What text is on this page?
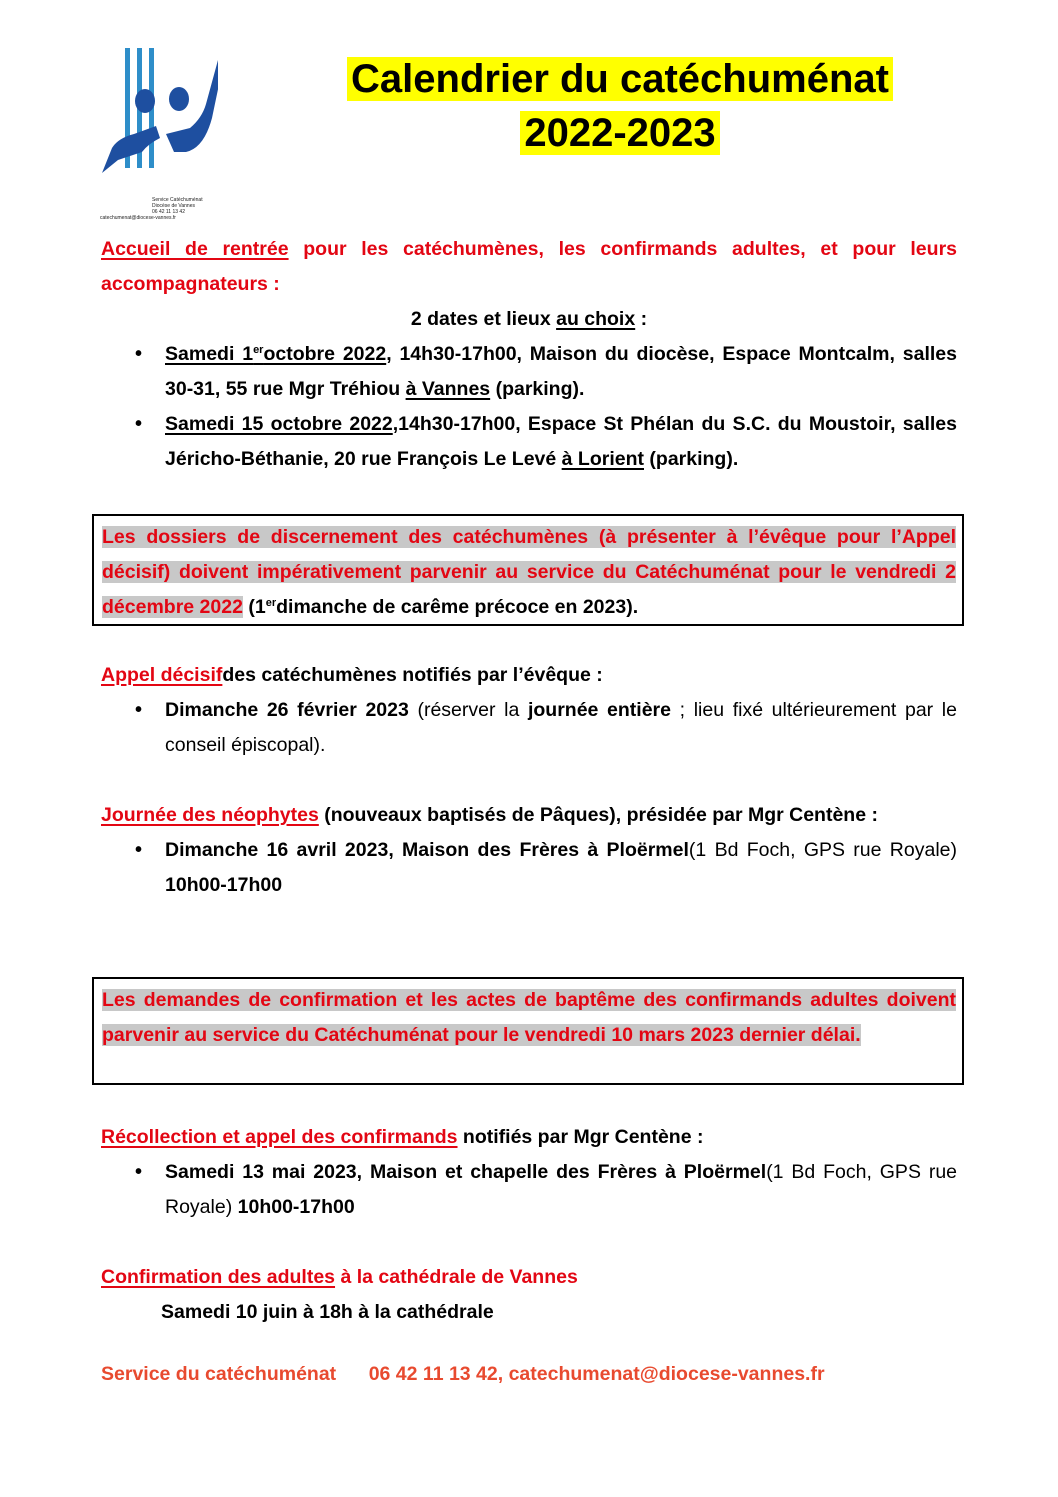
Service Catéchuménat
Diocèse de Vannes
06 42 11 13 42
catechumenat@diocese-vannes.fr
Calendrier du catéchuménat
2022-2023
Accueil de rentrée pour les catéchumènes, les confirmands adultes, et pour leurs accompagnateurs :
2 dates et lieux au choix :
• Samedi 1eroctobre 2022, 14h30-17h00, Maison du diocèse, Espace Montcalm, salles 30-31, 55 rue Mgr Tréhiou à Vannes (parking).
• Samedi 15 octobre 2022,14h30-17h00, Espace St Phélan du S.C. du Moustoir, salles Jéricho-Béthanie, 20 rue François Le Levé à Lorient (parking).
Les dossiers de discernement des catéchumènes (à présenter à l’évêque pour l’Appel décisif) doivent impérativement parvenir au service du Catéchuménat pour le vendredi 2 décembre 2022 (1erdimanche de carême précoce en 2023).
Appel décisifdes catéchumènes notifiés par l’évêque :
• Dimanche 26 février 2023 (réserver la journée entière ; lieu fixé ultérieurement par le conseil épiscopal).
Journée des néophytes (nouveaux baptisés de Pâques), présidée par Mgr Centène :
• Dimanche 16 avril 2023, Maison des Frères à Ploërmel(1 Bd Foch, GPS rue Royale) 10h00-17h00
Les demandes de confirmation et les actes de baptême des confirmands adultes doivent parvenir au service du Catéchuménat pour le vendredi 10 mars 2023 dernier délai.
Récollection et appel des confirmands notifiés par Mgr Centène :
• Samedi 13 mai 2023, Maison et chapelle des Frères à Ploërmel(1 Bd Foch, GPS rue Royale) 10h00-17h00
Confirmation des adultes à la cathédrale de Vannes
Samedi 10 juin à 18h à la cathédrale
Service du catéchuménat 06 42 11 13 42, catechumenat@diocese-vannes.fr
